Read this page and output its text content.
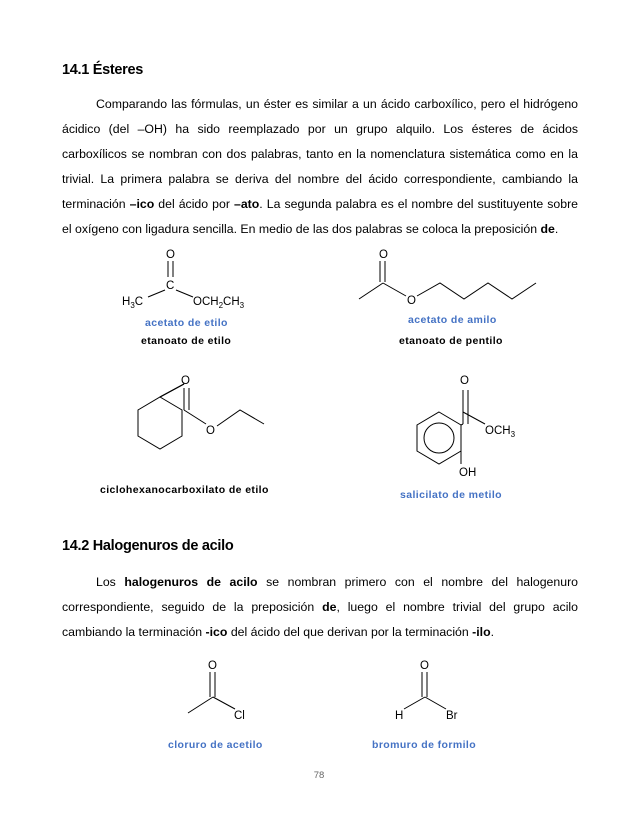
14.1 Ésteres

Comparando las fórmulas, un éster es similar a un ácido carboxílico, pero el hidrógeno ácidico (del –OH) ha sido reemplazado por un grupo alquilo. Los ésteres de ácidos carboxílicos se nombran con dos palabras, tanto en la nomenclatura sistemática como en la trivial. La primera palabra se deriva del nombre del ácido correspondiente, cambiando la terminación –ico del ácido por –ato. La segunda palabra es el nombre del sustituyente sobre el oxígeno con ligadura sencilla. En medio de las dos palabras se coloca la preposición de.

O
C
$H_3C$	$OCH_2CH_3$
acetato de etilo
etanoato de etilo
O
O
acetato de amilo
etanoato de pentilo
O
O
ciclohexanocarboxilato de etilo
O
$OCH_3$
OH
salicilato de metilo
14.2 Halogenuros de acilo

Los halogenuros de acilo se nombran primero con el nombre del halogenuro correspondiente, seguido de la preposición de, luego el nombre trivial del grupo acilo cambiando la terminación -ico del ácido del que derivan por la terminación -ilo.

O
Cl
cloruro de acetilo
O
H	Br
bromuro de formilo
78
